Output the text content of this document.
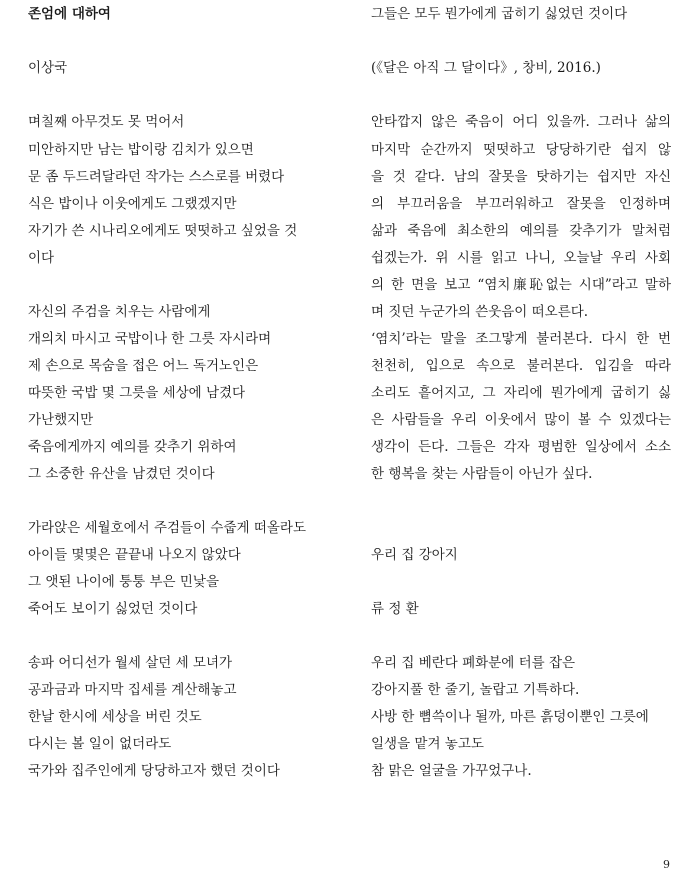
존엄에 대하여
이상국
며칠째 아무것도 못 먹어서
미안하지만 남는 밥이랑 김치가 있으면
문 좀 두드려달라던 작가는 스스로를 버렸다
식은 밥이나 이웃에게도 그랬겠지만
자기가 쓴 시나리오에게도 떳떳하고 싶었을 것
이다
자신의 주검을 치우는 사람에게
개의치 마시고 국밥이나 한 그릇 자시라며
제 손으로 목숨을 접은 어느 독거노인은
따뜻한 국밥 몇 그릇을 세상에 남겼다
가난했지만
죽음에게까지 예의를 갖추기 위하여
그 소중한 유산을 남겼던 것이다
가라앉은 세월호에서 주검들이 수줍게 떠올라도
아이들 몇몇은 끝끝내 나오지 않았다
그 앳된 나이에 퉁퉁 부은 민낯을
죽어도 보이기 싫었던 것이다
송파 어디선가 월세 살던 세 모녀가
공과금과 마지막 집세를 계산해놓고
한날 한시에 세상을 버린 것도
다시는 볼 일이 없더라도
국가와 집주인에게 당당하고자 했던 것이다
그들은 모두 뭔가에게 굽히기 싫었던 것이다
(《달은 아직 그 달이다》, 창비, 2016.)
안타깝지 않은 죽음이 어디 있을까. 그러나 삶의
마지막 순간까지 떳떳하고 당당하기란 쉽지 않
을 것 같다. 남의 잘못을 탓하기는 쉽지만 자신
의 부끄러움을 부끄러워하고 잘못을 인정하며
삶과 죽음에 최소한의 예의를 갖추기가 말처럼
쉽겠는가. 위 시를 읽고 나니, 오늘날 우리 사회
의 한 면을 보고 “염치廉恥없는 시대”라고 말하
며 짓던 누군가의 쓴웃음이 떠오른다.
‘염치’라는 말을 조그맣게 불러본다. 다시 한 번
천천히, 입으로 속으로 불러본다. 입김을 따라
소리도 흩어지고, 그 자리에 뭔가에게 굽히기 싫
은 사람들을 우리 이웃에서 많이 볼 수 있겠다는
생각이 든다. 그들은 각자 평범한 일상에서 소소
한 행복을 찾는 사람들이 아닌가 싶다.
우리 집 강아지
류 정 환
우리 집 베란다 폐화분에 터를 잡은
강아지풀 한 줄기, 놀랍고 기특하다.
사방 한 뼘쓱이나 될까, 마른 흙덩이뿐인 그릇에
일생을 맡겨 놓고도
참 맑은 얼굴을 가꾸었구나.
9
